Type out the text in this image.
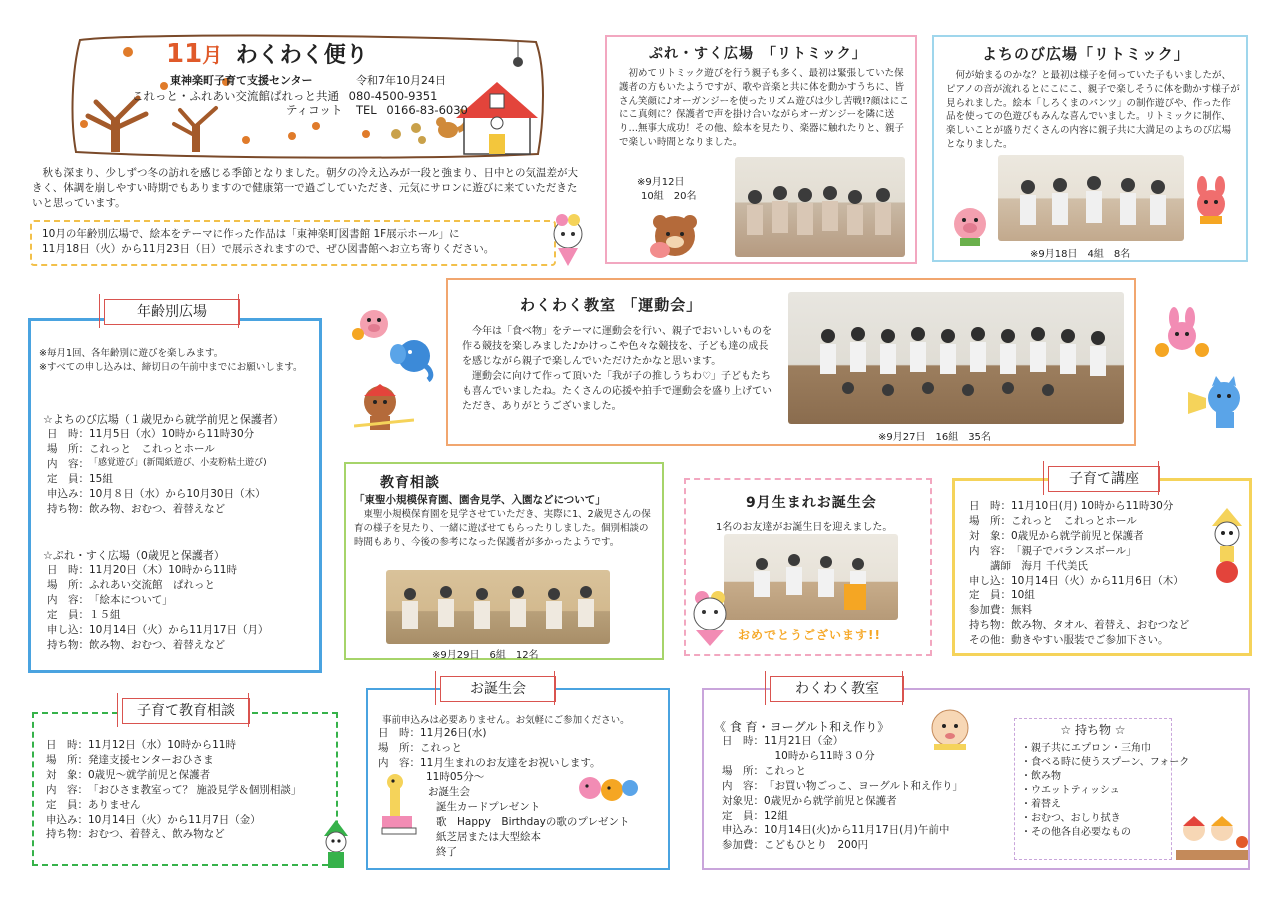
11月 わくわく便り
東神楽町子育て支援センター	令和7年10月24日
これっと・ふれあい交流館ぱれっと共通 080-4500-9351
ティコット TEL 0166-83-6030

　秋も深まり、少しずつ冬の訪れを感じる季節となりました。朝夕の冷え込みが一段と強まり、日中との気温差が大きく、体調を崩しやすい時期でもありますので健康第一で過ごしていただき、元気にサロンに遊びに来ていただきたいと思っています。

10月の年齢別広場で、絵本をテーマに作った作品は「東神楽町図書館 1F展示ホール」に
11月18日（火）から11月23日（日）で展示されますので、ぜひ図書館へお立ち寄りください。

ぷれ・すく広場　「リトミック」

　初めてリトミック遊びを行う親子も多く、最初は緊張していた保護者の方もいたようですが、歌や音楽と共に体を動かすうちに、皆さん笑顔に♪オーガンジーを使ったリズム遊びは少し苦戦!?顔はにこにこ真剣に？保護者で声を掛け合いながらオーガンジーを隣に送り…無事大成功！その他、絵本を見たり、楽器に触れたりと、親子で楽しい時間となりました。

※9月12日
10組　20名
よちのび広場「リトミック」

　何が始まるのかな？と最初は様子を伺っていた子もいましたが、ピアノの音が流れるとにこにこ、親子で楽しそうに体を動かす様子が見られました。絵本「しろくまのパンツ」の制作遊びや、作った作品を使っての色遊びもみんな喜んでいました。リトミックに制作、楽しいことが盛りだくさんの内容に親子共に大満足のよちのび広場となりました。

※9月18日　4組　8名
わくわく教室 「運動会」

　今年は「食べ物」をテーマに運動会を行い、親子でおいしいものを作る競技を楽しみました♪かけっこや色々な競技を、子ども達の成長を感じながら親子で楽しんでいただけたかなと思います。
　運動会に向けて作って頂いた「我が子の推しうちわ♡」子どもたちも喜んでいましたね。たくさんの応援や拍手で運動会を盛り上げていただき、ありがとうございました。

※9月27日　16組　35名

※毎月1回、各年齢別に遊びを楽しみます。

※すべての申し込みは、締切日の午前中までにお願いします。

☆よちのび広場（１歳児から就学前児と保護者）
日　時： 11月5日（水）10時から11時30分
場　所： これっと　これっとホール
内　容： 「感覚遊び」(新聞紙遊び、小麦粉粘土遊び)
定　員： 15組
申込み： 10月８日（水）から10月30日（木）
持ち物： 飲み物、おむつ、着替えなど
☆ぷれ・すく広場（0歳児と保護者）
日　時： 11月20日（木）10時から11時
場　所： ふれあい交流館　ぱれっと
内　容： 「絵本について」
定　員： １５組
申し込： 10月14日（火）から11月17日（月）
持ち物： 飲み物、おむつ、着替えなど
年齢別広場
教育相談
「東聖小規模保育園、園舎見学、入園などについて」

　東聖小規模保育園を見学させていただき、実際に1、2歳児さんの保育の様子を見たり、一緒に遊ばせてもらったりしました。個別相談の時間もあり、今後の参考になった保護者が多かったようです。

※9月29日　6組　12名
9月生まれお誕生会
1名のお友達がお誕生日を迎えました。
おめでとうございます!!
日　時： 11月10日(月) 10時から11時30分
場　所： これっと　これっとホール
対　象： 0歳児から就学前児と保護者
内　容： 「親子でバランスボール」

　講師　海月 千代美氏
申し込： 10月14日（火）から11月6日（木）
定　員： 10組
参加費： 無料
持ち物： 飲み物、タオル、着替え、おむつなど
その他： 動きやすい服装でご参加下さい。
子育て講座
日　時： 11月12日（水）10時から11時
場　所： 発達支援センターおひさま
対　象： 0歳児～就学前児と保護者
内　容： 「おひさま教室って？ 施設見学＆個別相談」
定　員： ありません
申込み： 10月14日（火）から11月7日（金）
持ち物： おむつ、着替え、飲み物など
子育て教育相談
事前申込みは必要ありません。お気軽にご参加ください。
日　時： 11月26日(水)
場　所： これっと
内　容： 11月生まれのお友達をお祝いします。
11時05分～
お誕生会
誕生カードプレゼント
歌　Happy　Birthdayの歌のプレゼント
紙芝居または大型絵本
終了
お誕生会
《 食 育・ヨーグルト和え作り》
日　時： 11月21日（金）
　10時から11時３０分
場　所： これっと
内　容： 「お買い物ごっこ、ヨーグルト和え作り」
対象児： 0歳児から就学前児と保護者
定　員： 12組
申込み： 10月14日(火)から11月17日(月)午前中
参加費： こどもひとり　200円
☆ 持ち物 ☆
・親子共にエプロン・三角巾
・食べる時に使うスプーン、フォーク
・飲み物
・ウエットティッシュ
・着替え
・おむつ、おしり拭き
・その他各自必要なもの
わくわく教室
